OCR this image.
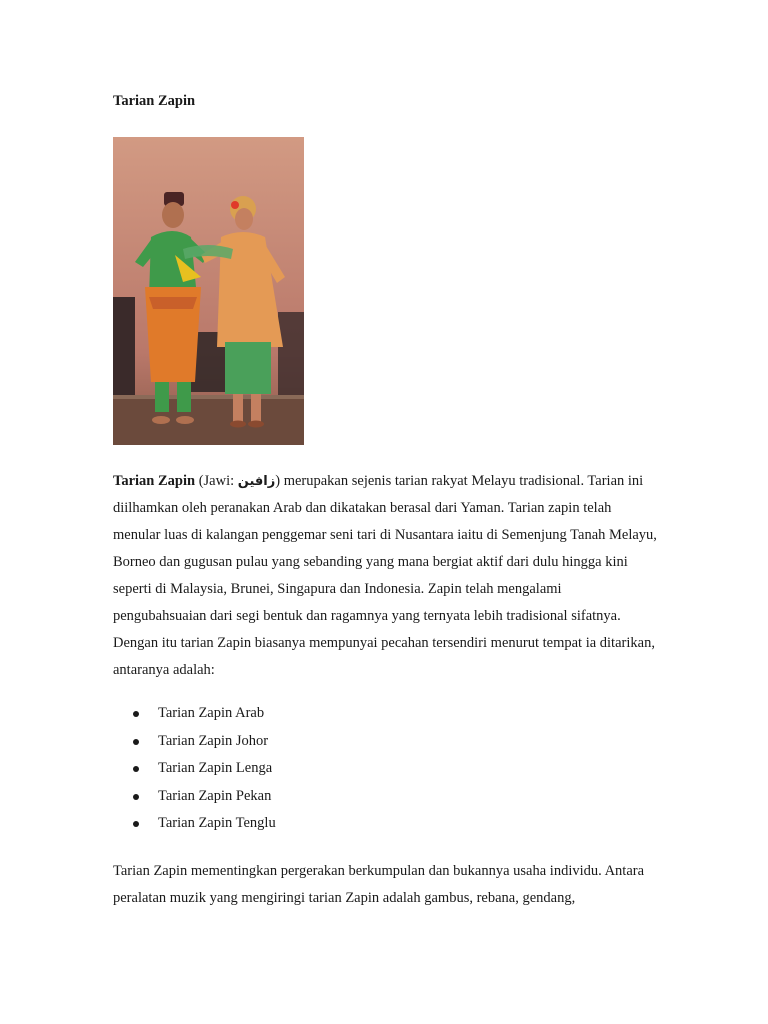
Tarian Zapin

Tarian Zapin (Jawi: زافين) merupakan sejenis tarian rakyat Melayu tradisional. Tarian ini diilhamkan oleh peranakan Arab dan dikatakan berasal dari Yaman. Tarian zapin telah menular luas di kalangan penggemar seni tari di Nusantara iaitu di Semenjung Tanah Melayu, Borneo dan gugusan pulau yang sebanding yang mana bergiat aktif dari dulu hingga kini seperti di Malaysia, Brunei, Singapura dan Indonesia. Zapin telah mengalami pengubahsuaian dari segi bentuk dan ragamnya yang ternyata lebih tradisional sifatnya. Dengan itu tarian Zapin biasanya mempunyai pecahan tersendiri menurut tempat ia ditarikan, antaranya adalah:

Tarian Zapin Arab
Tarian Zapin Johor
Tarian Zapin Lenga
Tarian Zapin Pekan
Tarian Zapin Tenglu

Tarian Zapin mementingkan pergerakan berkumpulan dan bukannya usaha individu. Antara peralatan muzik yang mengiringi tarian Zapin adalah gambus, rebana, gendang,
